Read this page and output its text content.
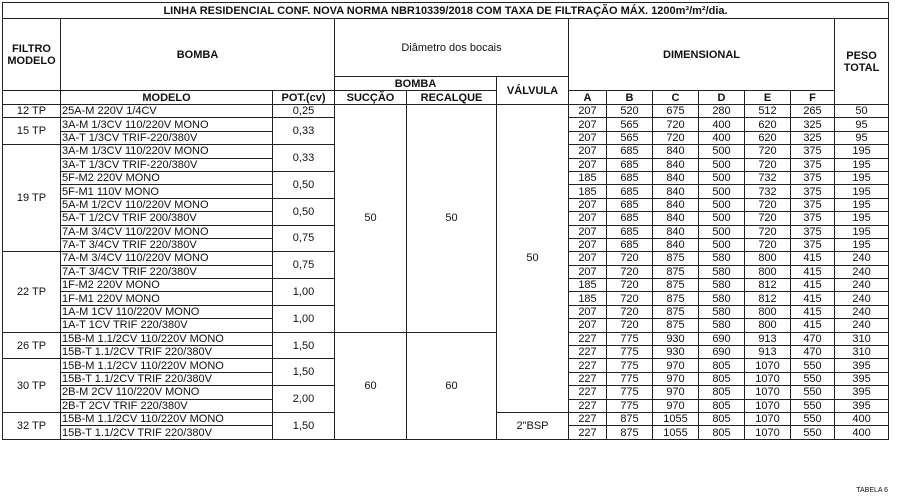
LINHA RESIDENCIAL CONF. NOVA NORMA NBR10339/2018 COM TAXA DE FILTRAÇÃO MÁX. 1200m³/m²/dia.												
FILTRO MODELO	BOMBA		Diâmetro dos bocais			DIMENSIONAL						PESO TOTAL
			BOMBA		VÁLVULA							
	MODELO	POT.(cv)	SUCÇÃO	RECALQUE		A	B	C	D	E	F	
12 TP	25A-M 220V 1/4CV	0,25	50	50	50	207	520	675	280	512	265	50
15 TP	3A-M 1/3CV 110/220V MONO	0,33				207	565	720	400	620	325	95
	3A-T 1/3CV TRIF-220/380V					207	565	720	400	620	325	95
19 TP	3A-M 1/3CV 110/220V MONO	0,33				207	685	840	500	720	375	195
	3A-T 1/3CV TRIF-220/380V					207	685	840	500	720	375	195
	5F-M2 220V MONO	0,50				185	685	840	500	732	375	195
	5F-M1 110V MONO					185	685	840	500	732	375	195
	5A-M 1/2CV 110/220V MONO	0,50				207	685	840	500	720	375	195
	5A-T 1/2CV TRIF 200/380V					207	685	840	500	720	375	195
	7A-M 3/4CV 110/220V MONO	0,75				207	685	840	500	720	375	195
	7A-T 3/4CV TRIF 220/380V					207	685	840	500	720	375	195
22 TP	7A-M 3/4CV 110/220V MONO	0,75				207	720	875	580	800	415	240
	7A-T 3/4CV TRIF 220/380V					207	720	875	580	800	415	240
	1F-M2 220V MONO	1,00				185	720	875	580	812	415	240
	1F-M1 220V MONO					185	720	875	580	812	415	240
	1A-M 1CV 110/220V MONO	1,00				207	720	875	580	800	415	240
	1A-T 1CV TRIF 220/380V					207	720	875	580	800	415	240
26 TP	15B-M 1.1/2CV 110/220V MONO	1,50	60	60		227	775	930	690	913	470	310
	15B-T 1.1/2CV TRIF 220/380V					227	775	930	690	913	470	310
30 TP	15B-M 1.1/2CV 110/220V MONO	1,50				227	775	970	805	1070	550	395
	15B-T 1.1/2CV TRIF 220/380V					227	775	970	805	1070	550	395
	2B-M 2CV 110/220V MONO	2,00				227	775	970	805	1070	550	395
	2B-T 2CV TRIF 220/380V					227	775	970	805	1070	550	395
32 TP	15B-M 1.1/2CV 110/220V MONO	1,50			2"BSP	227	875	1055	805	1070	550	400
	15B-T 1.1/2CV TRIF 220/380V					227	875	1055	805	1070	550	400
TABELA 6
